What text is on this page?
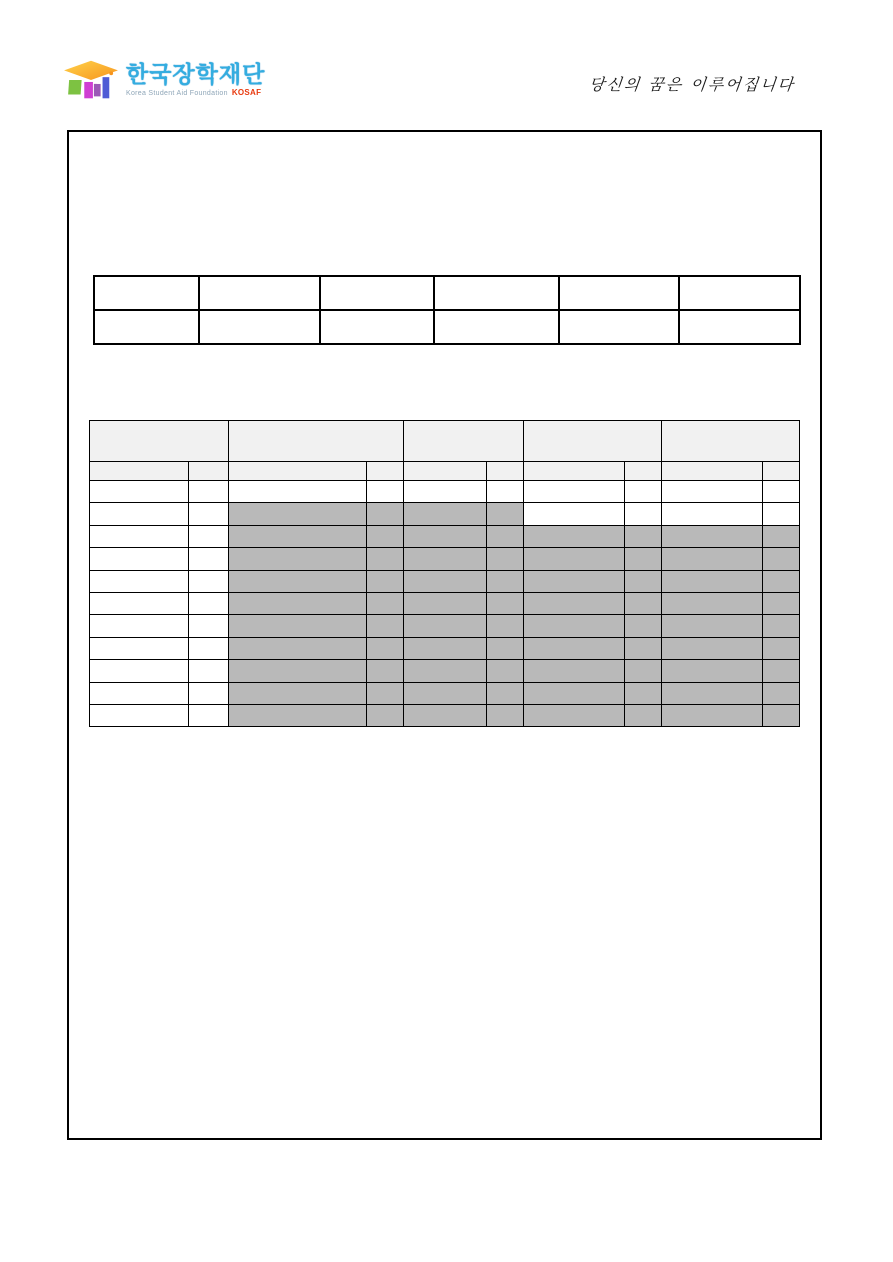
한국장학재단
Korea Student Aid Foundation KOSAF	당신의 꿈은 이루어집니다
